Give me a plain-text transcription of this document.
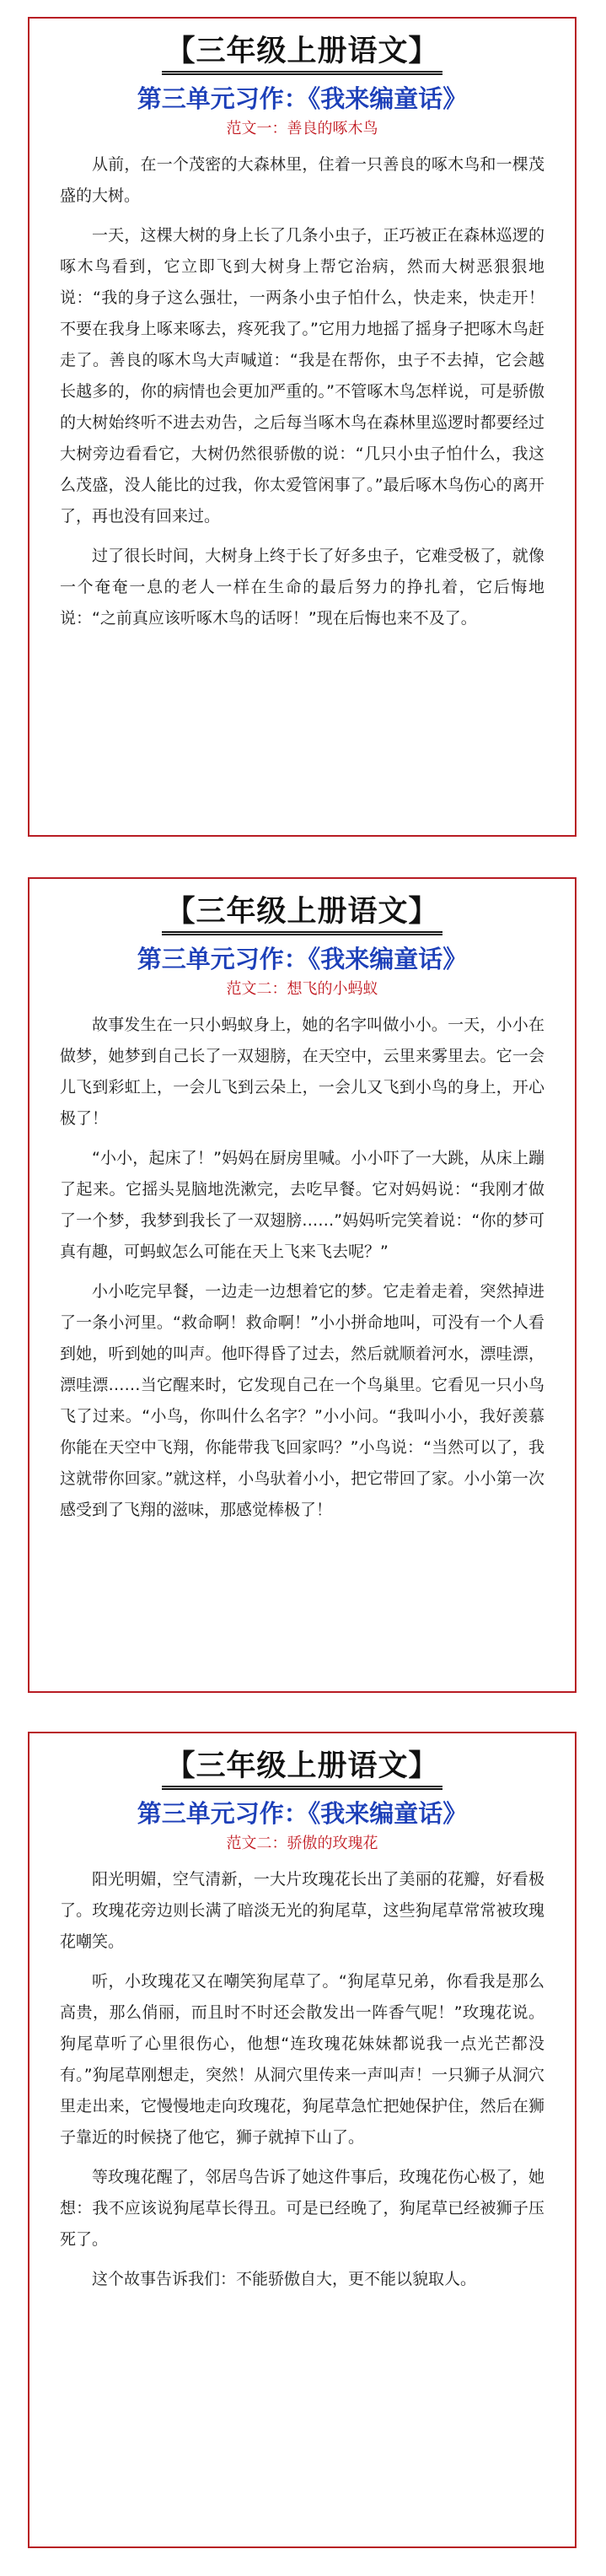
【三年级上册语文】
第三单元习作：《我来编童话》
范文一：善良的啄木鸟

从前，在一个茂密的大森林里，住着一只善良的啄木鸟和一棵茂盛的大树。

一天，这棵大树的身上长了几条小虫子，正巧被正在森林巡逻的啄木鸟看到，它立即飞到大树身上帮它治病，然而大树恶狠狠地说：“我的身子这么强壮，一两条小虫子怕什么，快走来，快走开！不要在我身上啄来啄去，疼死我了。”它用力地摇了摇身子把啄木鸟赶走了。善良的啄木鸟大声喊道：“我是在帮你，虫子不去掉，它会越长越多的，你的病情也会更加严重的。”不管啄木鸟怎样说，可是骄傲的大树始终听不进去劝告，之后每当啄木鸟在森林里巡逻时都要经过大树旁边看看它，大树仍然很骄傲的说：“几只小虫子怕什么，我这么茂盛，没人能比的过我，你太爱管闲事了。”最后啄木鸟伤心的离开了，再也没有回来过。

过了很长时间，大树身上终于长了好多虫子，它难受极了，就像一个奄奄一息的老人一样在生命的最后努力的挣扎着，它后悔地说：“之前真应该听啄木鸟的话呀！”现在后悔也来不及了。

【三年级上册语文】
第三单元习作：《我来编童话》
范文二：想飞的小蚂蚁

故事发生在一只小蚂蚁身上，她的名字叫做小小。一天，小小在做梦，她梦到自己长了一双翅膀，在天空中，云里来雾里去。它一会儿飞到彩虹上，一会儿飞到云朵上，一会儿又飞到小鸟的身上，开心极了！

“小小，起床了！”妈妈在厨房里喊。小小吓了一大跳，从床上蹦了起来。它摇头晃脑地洗漱完，去吃早餐。它对妈妈说：“我刚才做了一个梦，我梦到我长了一双翅膀……”妈妈听完笑着说：“你的梦可真有趣，可蚂蚁怎么可能在天上飞来飞去呢？”

小小吃完早餐，一边走一边想着它的梦。它走着走着，突然掉进了一条小河里。“救命啊！救命啊！”小小拼命地叫，可没有一个人看到她，听到她的叫声。他吓得昏了过去，然后就顺着河水，漂哇漂，漂哇漂……当它醒来时，它发现自己在一个鸟巢里。它看见一只小鸟飞了过来。“小鸟，你叫什么名字？”小小问。“我叫小小，我好羡慕你能在天空中飞翔，你能带我飞回家吗？”小鸟说：“当然可以了，我这就带你回家。”就这样，小鸟驮着小小，把它带回了家。小小第一次感受到了飞翔的滋味，那感觉棒极了！

【三年级上册语文】
第三单元习作：《我来编童话》
范文二：骄傲的玫瑰花

阳光明媚，空气清新，一大片玫瑰花长出了美丽的花瓣，好看极了。玫瑰花旁边则长满了暗淡无光的狗尾草，这些狗尾草常常被玫瑰花嘲笑。

听，小玫瑰花又在嘲笑狗尾草了。“狗尾草兄弟，你看我是那么高贵，那么俏丽，而且时不时还会散发出一阵香气呢！”玫瑰花说。狗尾草听了心里很伤心，他想“连玫瑰花妹妹都说我一点光芒都没有。”狗尾草刚想走，突然！从洞穴里传来一声叫声！一只狮子从洞穴里走出来，它慢慢地走向玫瑰花，狗尾草急忙把她保护住，然后在狮子靠近的时候挠了他它，狮子就掉下山了。

等玫瑰花醒了，邻居鸟告诉了她这件事后，玫瑰花伤心极了，她想：我不应该说狗尾草长得丑。可是已经晚了，狗尾草已经被狮子压死了。

这个故事告诉我们：不能骄傲自大，更不能以貌取人。
